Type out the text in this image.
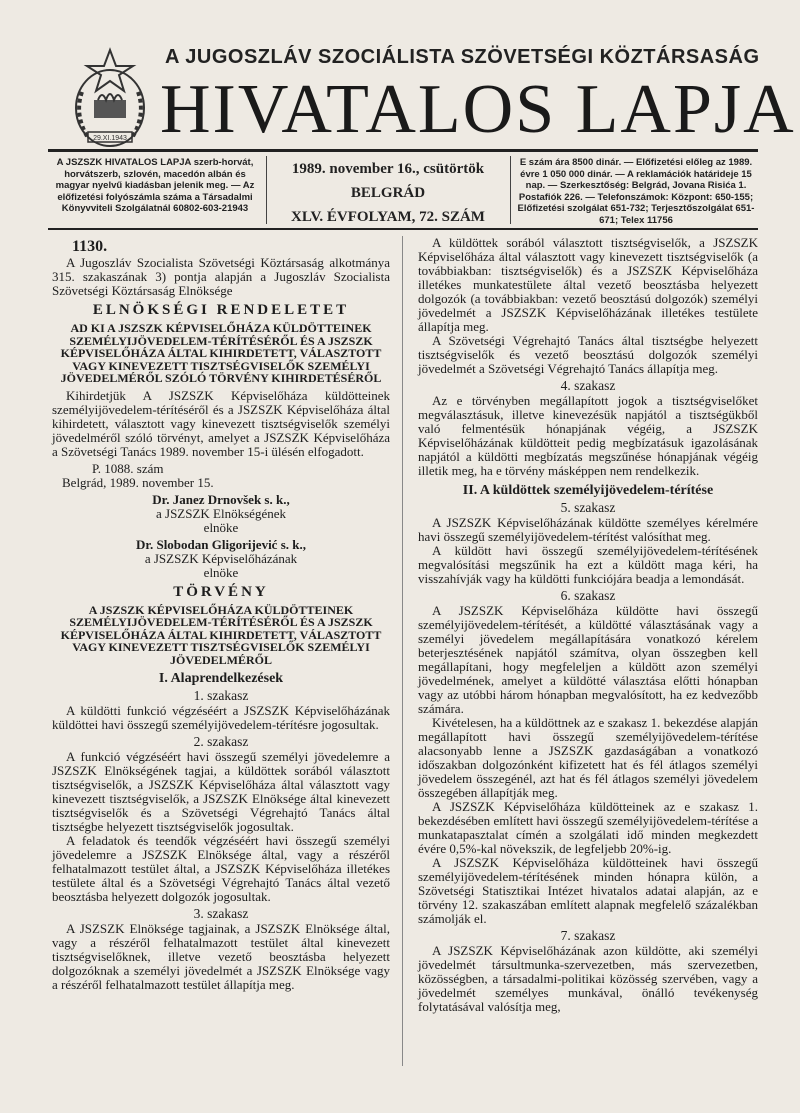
29.XI.1943
A JUGOSZLÁV SZOCIÁLISTA SZÖVETSÉGI KÖZTÁRSASÁG
HIVATALOS LAPJA
A JSZSZK HIVATALOS LAPJA szerb-horvát, horvátszerb, szlovén, macedón albán és magyar nyelvű kiadásban jelenik meg. — Az előfizetési folyószámla száma a Társadalmi Könyvviteli Szolgálatnál 60802-603-21943
1989. november 16., csütörtök
BELGRÁD
XLV. ÉVFOLYAM, 72. SZÁM
E szám ára 8500 dinár. — Előfizetési előleg az 1989. évre 1 050 000 dinár. — A reklamációk határideje 15 nap. — Szerkesztőség: Belgrád, Jovana Risića 1. Postafiók 226. — Telefonszámok: Központ: 650-155; Előfizetési szolgálat 651-732; Terjesztőszolgálat 651-671; Telex 11756
1130.

A Jugoszláv Szocialista Szövetségi Köztársaság alkotmánya 315. szakaszának 3) pontja alapján a Jugoszláv Szocialista Szövetségi Köztársaság Elnöksége

ELNÖKSÉGI RENDELETET
AD KI A JSZSZK KÉPVISELŐHÁZA KÜLDÖTTEINEK SZEMÉLYIJÖVEDELEM-TÉRÍTÉSÉRŐL ÉS A JSZSZK KÉPVISELŐHÁZA ÁLTAL KIHIRDETETT, VÁLASZTOTT VAGY KINEVEZETT TISZTSÉGVISELŐK SZEMÉLYI JÖVEDELMÉRŐL SZÓLÓ TÖRVÉNY KIHIRDETÉSÉRŐL

Kihirdetjük A JSZSZK Képviselőháza küldötteinek személyijövedelem-térítéséről és a JSZSZK Képviselőháza által kihirdetett, választott vagy kinevezett tisztségviselők személyi jövedelméről szóló törvényt, amelyet a JSZSZK Képviselőháza a Szövetségi Tanács 1989. november 15-i ülésén elfogadott.

P. 1088. szám
Belgrád, 1989. november 15.
Dr. Janez Drnovšek s. k.,
a JSZSZK Elnökségének
elnöke
Dr. Slobodan Gligorijević s. k.,
a JSZSZK Képviselőházának
elnöke
TÖRVÉNY
A JSZSZK KÉPVISELŐHÁZA KÜLDÖTTEINEK SZEMÉLYIJÖVEDELEM-TÉRÍTÉSÉRŐL ÉS A JSZSZK KÉPVISELŐHÁZA ÁLTAL KIHIRDETETT, VÁLASZTOTT VAGY KINEVEZETT TISZTSÉGVISELŐK SZEMÉLYI JÖVEDELMÉRŐL
I. Alaprendelkezések
1. szakasz

A küldötti funkció végzéséért a JSZSZK Képviselőházának küldöttei havi összegű személyijövedelem-térítésre jogosultak.

2. szakasz

A funkció végzéséért havi összegű személyi jövedelemre a JSZSZK Elnökségének tagjai, a küldöttek sorából választott tisztségviselők, a JSZSZK Képviselőháza által választott vagy kinevezett tisztségviselők, a JSZSZK Elnöksége által kinevezett tisztségviselők és a Szövetségi Végrehajtó Tanács által tisztségbe helyezett tisztségviselők jogosultak.

A feladatok és teendők végzéséért havi összegű személyi jövedelemre a JSZSZK Elnöksége által, vagy a részéről felhatalmazott testület által, a JSZSZK Képviselőháza illetékes testülete által és a Szövetségi Végrehajtó Tanács által vezető beosztásba helyezett dolgozók jogosultak.

3. szakasz

A JSZSZK Elnöksége tagjainak, a JSZSZK Elnöksége által, vagy a részéről felhatalmazott testület által kinevezett tisztségviselőknek, illetve vezető beosztásba helyezett dolgozóknak a személyi jövedelmét a JSZSZK Elnöksége vagy a részéről felhatalmazott testület állapítja meg.

A küldöttek sorából választott tisztségviselők, a JSZSZK Képviselőháza által választott vagy kinevezett tisztségviselők (a továbbiakban: tisztségviselők) és a JSZSZK Képviselőháza illetékes munkatestülete által vezető beosztásba helyezett dolgozók (a továbbiakban: vezető beosztású dolgozók) személyi jövedelmét a JSZSZK Képviselőházának illetékes testülete állapítja meg.

A Szövetségi Végrehajtó Tanács által tisztségbe helyezett tisztségviselők és vezető beosztású dolgozók személyi jövedelmét a Szövetségi Végrehajtó Tanács állapítja meg.

4. szakasz

Az e törvényben megállapított jogok a tisztségviselőket megválasztásuk, illetve kinevezésük napjától a tisztségükből való felmentésük hónapjának végéig, a JSZSZK Képviselőházának küldötteit pedig megbízatásuk igazolásának napjától a küldötti megbízatás megszűnése hónapjának végéig illetik meg, ha e törvény másképpen nem rendelkezik.

II. A küldöttek személyijövedelem-térítése
5. szakasz

A JSZSZK Képviselőházának küldötte személyes kérelmére havi összegű személyijövedelem-térítést valósíthat meg.

A küldött havi összegű személyijövedelem-térítésének megvalósítási megszűnik ha ezt a küldött maga kéri, ha visszahívják vagy ha küldötti funkciójára beadja a lemondását.

6. szakasz

A JSZSZK Képviselőháza küldötte havi összegű személyijövedelem-térítését, a küldötté választásának vagy a személyi jövedelem megállapítására vonatkozó kérelem beterjesztésének napjától számítva, olyan összegben kell megállapítani, hogy megfeleljen a küldött azon személyi jövedelmének, amelyet a küldötté választása előtti hónapban vagy az utóbbi három hónapban megvalósított, ha ez kedvezőbb számára.

Kivételesen, ha a küldöttnek az e szakasz 1. bekezdése alapján megállapított havi összegű személyijövedelem-térítése alacsonyabb lenne a JSZSZK gazdaságában a vonatkozó időszakban dolgozónként kifizetett hat és fél átlagos személyi jövedelem összegénél, azt hat és fél átlagos személyi jövedelem összegében állapítják meg.

A JSZSZK Képviselőháza küldötteinek az e szakasz 1. bekezdésében említett havi összegű személyijövedelem-térítése a munkatapasztalat címén a szolgálati idő minden megkezdett évére 0,5%-kal növekszik, de legfeljebb 20%-ig.

A JSZSZK Képviselőháza küldötteinek havi összegű személyijövedelem-térítésének minden hónapra külön, a Szövetségi Statisztikai Intézet hivatalos adatai alapján, az e törvény 12. szakaszában említett alapnak megfelelő százalékban számolják el.

7. szakasz

A JSZSZK Képviselőházának azon küldötte, aki személyi jövedelmét társultmunka-szervezetben, más szervezetben, közösségben, a társadalmi-politikai közösség szervében, vagy a jövedelmét személyes munkával, önálló tevékenység folytatásával valósítja meg,
